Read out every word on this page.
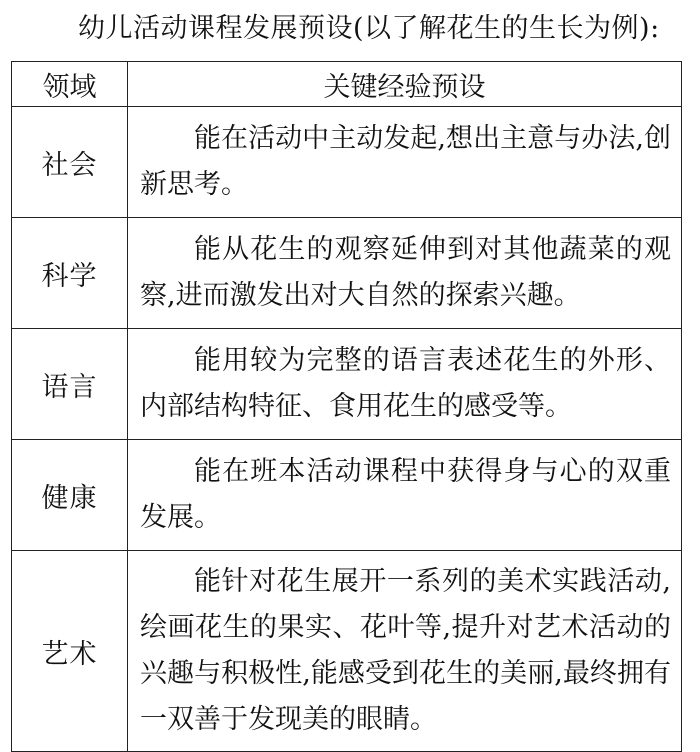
幼儿活动课程发展预设(以了解花生的生长为例):
领域	关键经验预设
社会	能在活动中主动发起,想出主意与办法,创新思考。
科学	能从花生的观察延伸到对其他蔬菜的观察,进而激发出对大自然的探索兴趣。
语言	能用较为完整的语言表述花生的外形、内部结构特征、食用花生的感受等。
健康	能在班本活动课程中获得身与心的双重发展。
艺术	能针对花生展开一系列的美术实践活动,绘画花生的果实、花叶等,提升对艺术活动的兴趣与积极性,能感受到花生的美丽,最终拥有一双善于发现美的眼睛。
